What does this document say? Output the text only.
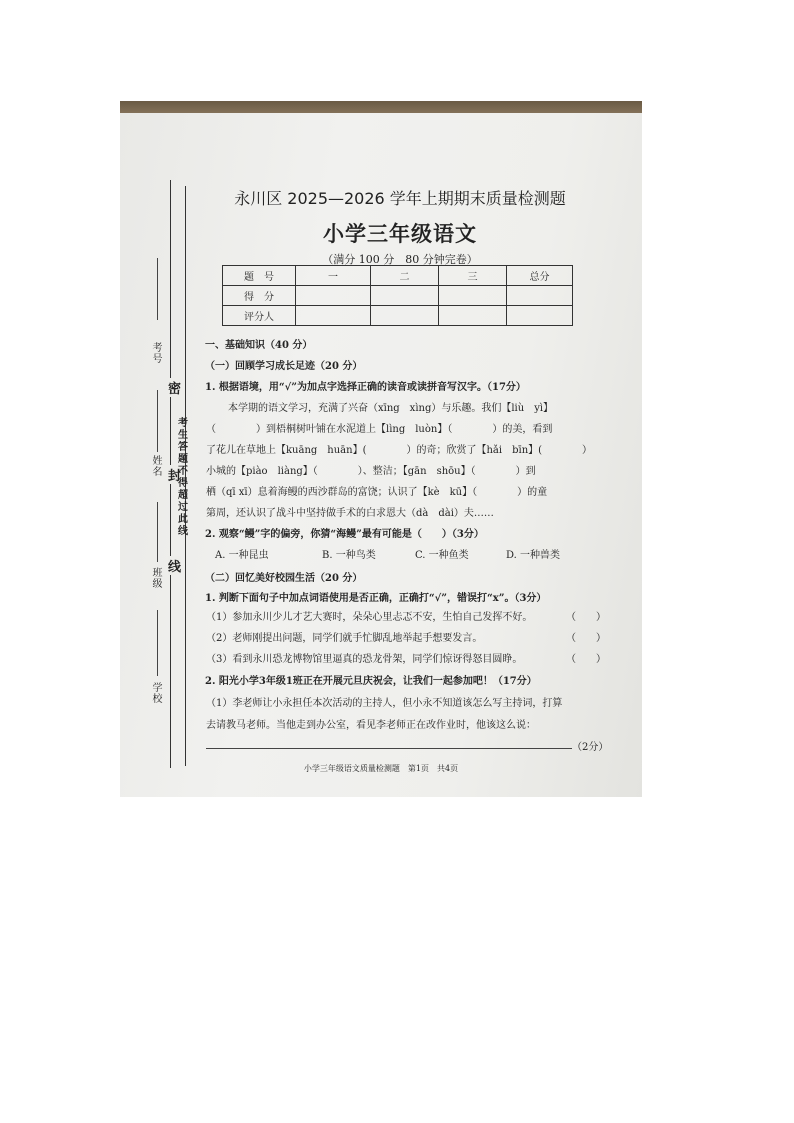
考号
姓名
班级
学校
密
封
线
考生答题不得超过此线
永川区 2025—2026 学年上期期末质量检测题
小学三年级语文
（满分 100 分　80 分钟完卷）
题　号	一	二	三	总分
得　分				
评分人				
一、基础知识（40 分）
（一）回顾学习成长足迹（20 分）
1. 根据语境，用“√”为加点字选择正确的读音或读拼音写汉字。（17分）
本学期的语文学习，充满了兴奋（xīng　xìng）与乐趣。我们【liù　yì】
（　　　　）到梧桐树叶铺在水泥道上【lìng　luòn】（　　　　）的美，看到
了花儿在草地上【kuāng　huān】(　　　　）的奇；欣赏了【hǎi　bīn】(　　　　）
小城的【piào　liàng】（　　　　）、整洁；【gān　shōu】（　　　　）到
栖（qī xī）息着海鳗的西沙群岛的富饶；认识了【kè　kū】（　　　　）的童
第周，还认识了战斗中坚持做手术的白求恩大（dà　dài）夫……
2. 观察“鳗”字的偏旁，你猜“海鳗”最有可能是（　　）（3分）
A. 一种昆虫	B. 一种鸟类	C. 一种鱼类	D. 一种兽类
（二）回忆美好校园生活（20 分）
1. 判断下面句子中加点词语使用是否正确，正确打“√”，错误打“x”。（3分）
（1）参加永川少儿才艺大赛时，朵朵心里忐忑不安，生怕自己发挥不好。	（　　）
（2）老师刚提出问题，同学们就手忙脚乱地举起手想要发言。	（　　）
（3）看到永川恐龙博物馆里逼真的恐龙骨架，同学们惊讶得怒目圆睁。	（　　）
2. 阳光小学3年级1班正在开展元旦庆祝会，让我们一起参加吧！（17分）
（1）李老师让小永担任本次活动的主持人，但小永不知道该怎么写主持词，打算
去请教马老师。当他走到办公室，看见李老师正在改作业时，他该这么说：
（2分）
小学三年级语文质量检测题　第1页　共4页
